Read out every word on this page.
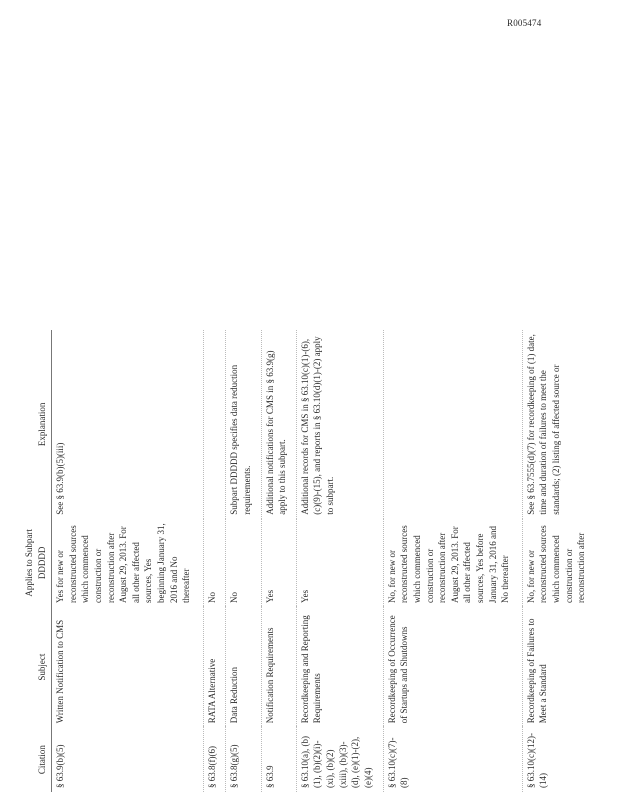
R005474
Citation	Subject	Applies to Subpart DDDDD	Explanation
§ 63.9(b)(5)	Written Notification to CMS	Yes for new or reconstructed sources which commenced construction or reconstruction after August 29, 2013. For all other affected sources, Yes beginning January 31, 2016 and No thereafter	See § 63.9(b)(5)(iii)
§ 63.8(f)(6)	RATA Alternative	No	
§ 63.8(g)(5)	Data Reduction	No	Subpart DDDDD specifies data reduction requirements.
§ 63.9	Notification Requirements	Yes	Additional notifications for CMS in § 63.9(g) apply to this subpart.
§ 63.10(a), (b)(1), (b)(2)(i)-(xi), (b)(2)(xiii), (b)(3)-(d), (e)(1)-(2), (e)(4)	Recordkeeping and Reporting Requirements	Yes	Additional records for CMS in § 63.10(c)(1)-(6), (c)(9)-(15), and reports in § 63.10(d)(1)-(2) apply to subpart.
§ 63.10(c)(7)-(8)	Recordkeeping of Occurrence of Startups and Shutdowns	No, for new or reconstructed sources which commenced construction or reconstruction after August 29, 2013. For all other affected sources, Yes before January 31, 2016 and No thereafter	
§ 63.10(c)(12)-(14)	Recordkeeping of Failures to Meet a Standard	No, for new or reconstructed sources which commenced construction or reconstruction after	See § 63.7555(d)(7) for recordkeeping of (1) date, time and duration of failures to meet the standards; (2) listing of affected source or
